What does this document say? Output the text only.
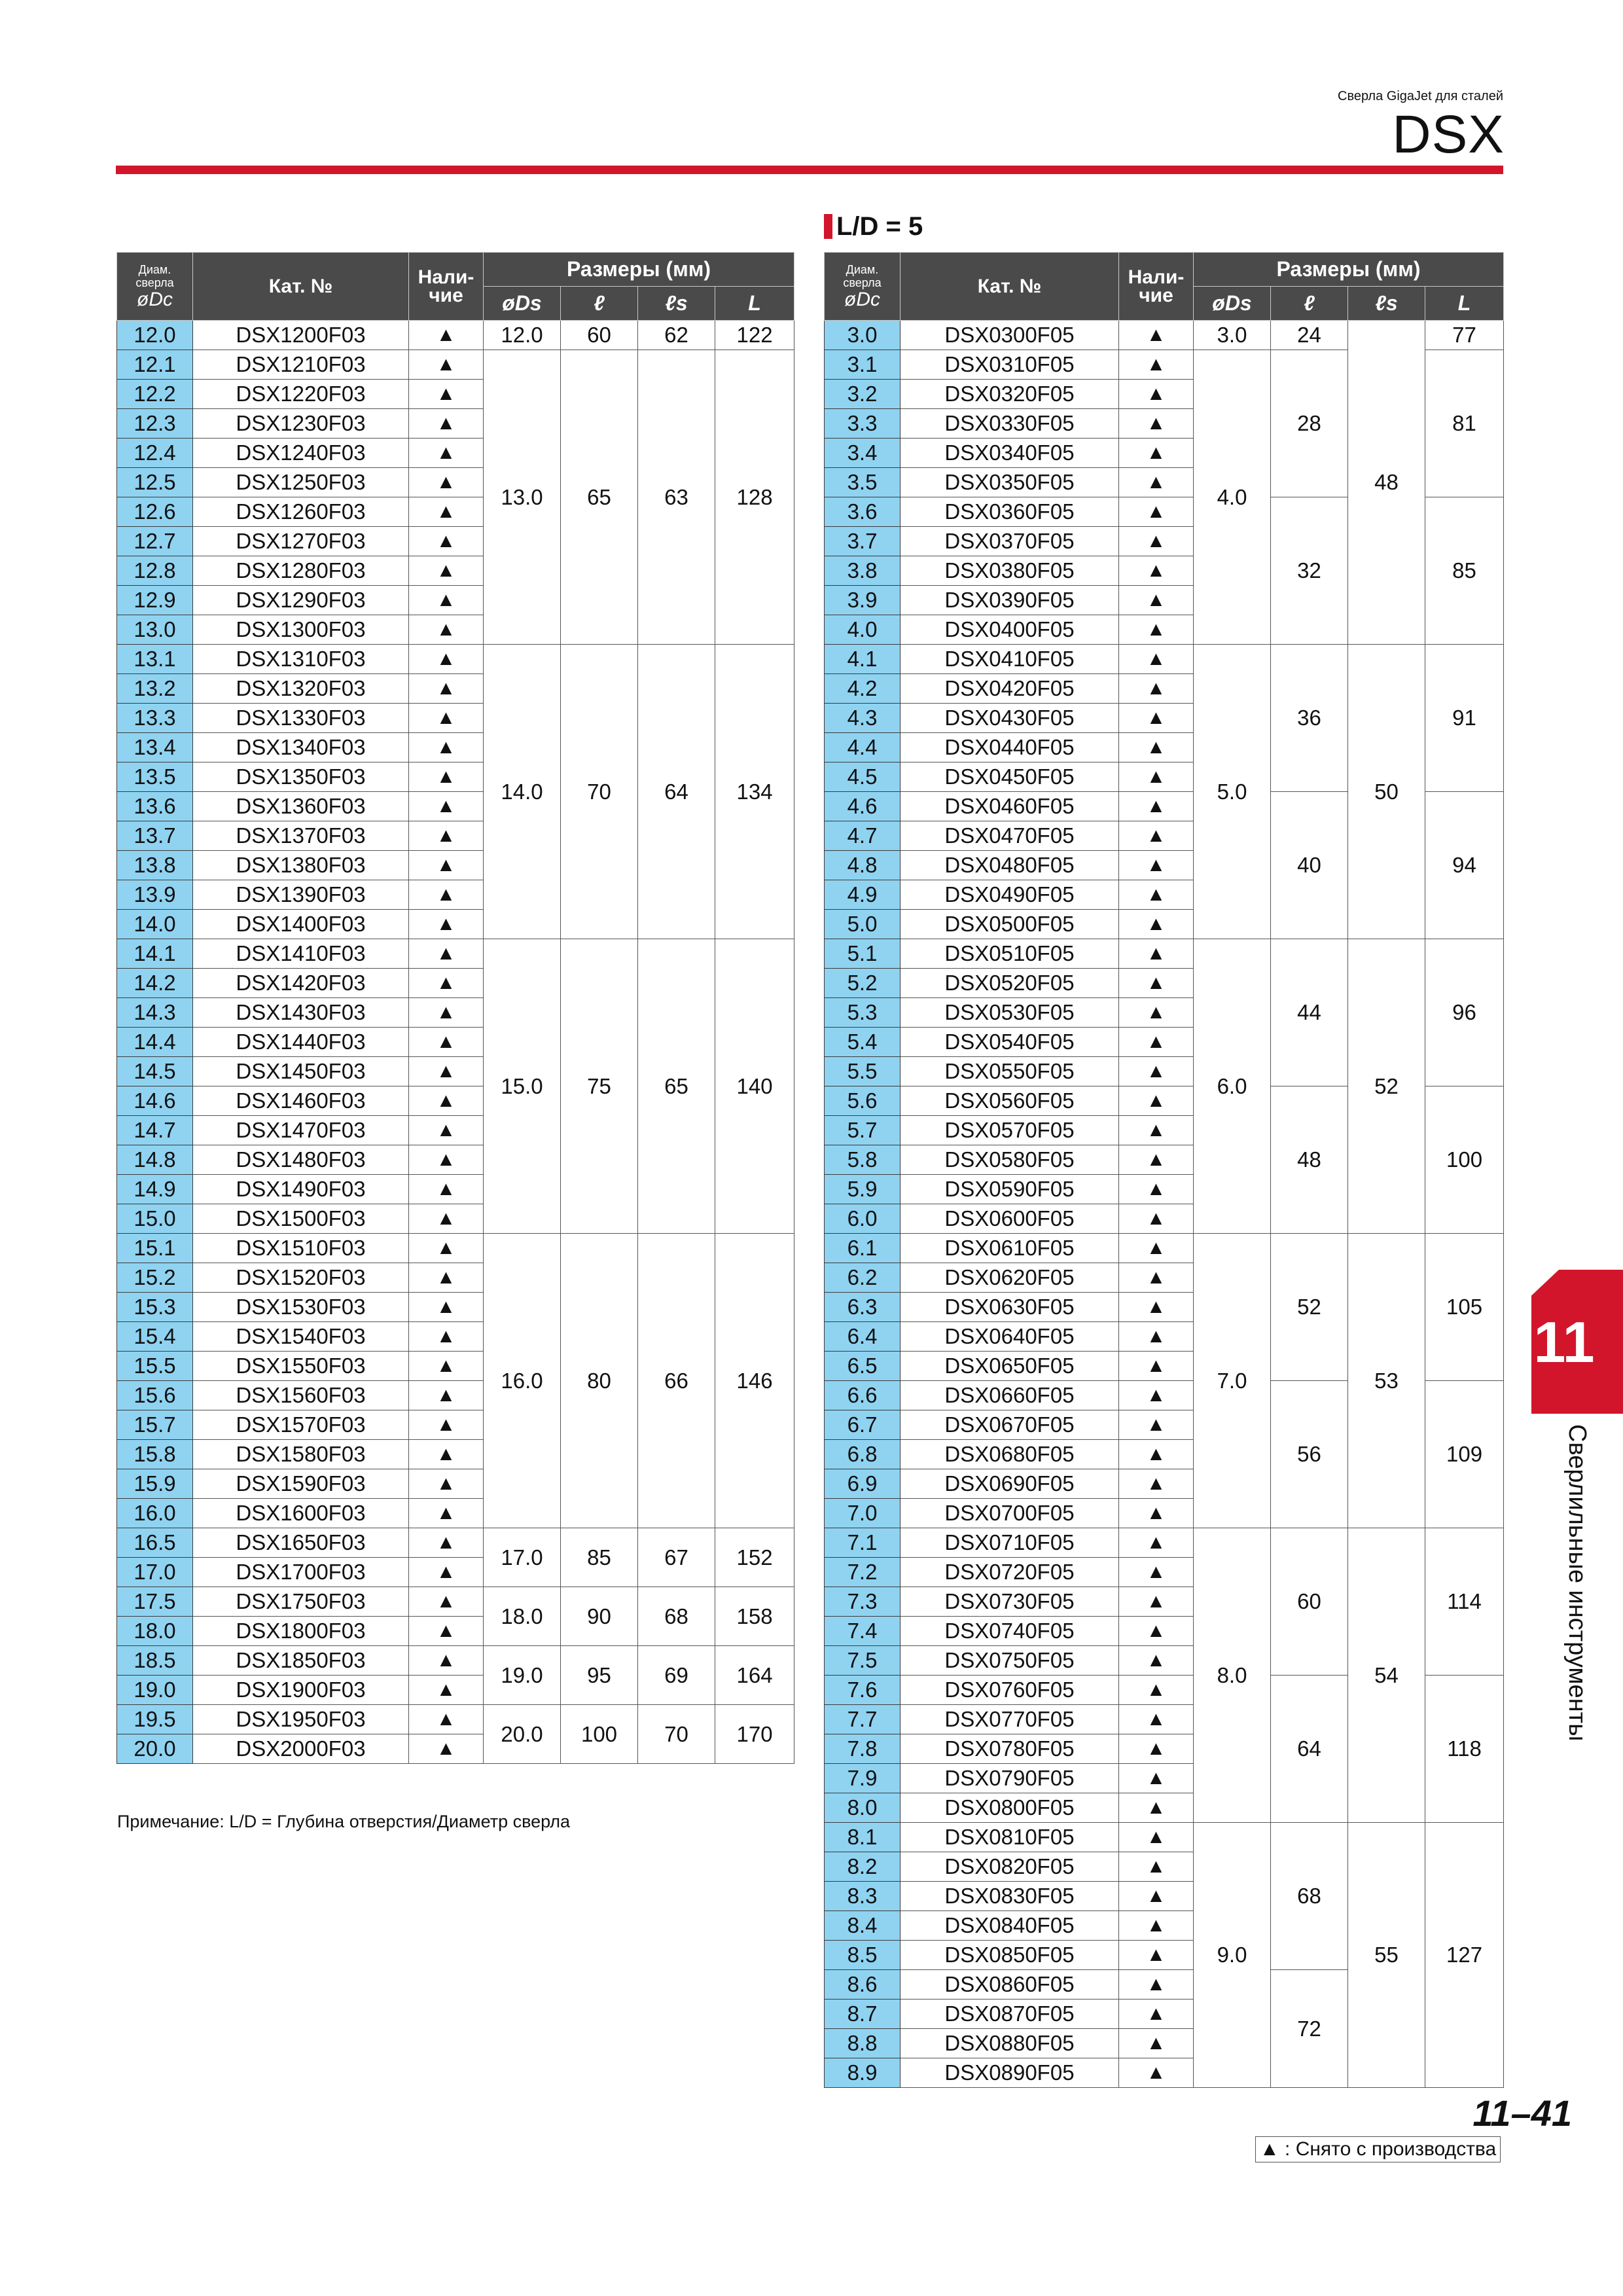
Сверла GigaJet для сталей
DSX
L/D = 5
Диам.
сверла
øDc	Кат. №	Нали-
чие	Размеры (мм)			
			øDs	ℓ	ℓs	L
12.0	DSX1200F03	▲	12.0	60	62	122
12.1	DSX1210F03	▲	13.0	65	63	128
12.2	DSX1220F03	▲				
12.3	DSX1230F03	▲				
12.4	DSX1240F03	▲				
12.5	DSX1250F03	▲				
12.6	DSX1260F03	▲				
12.7	DSX1270F03	▲				
12.8	DSX1280F03	▲				
12.9	DSX1290F03	▲				
13.0	DSX1300F03	▲				
13.1	DSX1310F03	▲	14.0	70	64	134
13.2	DSX1320F03	▲				
13.3	DSX1330F03	▲				
13.4	DSX1340F03	▲				
13.5	DSX1350F03	▲				
13.6	DSX1360F03	▲				
13.7	DSX1370F03	▲				
13.8	DSX1380F03	▲				
13.9	DSX1390F03	▲				
14.0	DSX1400F03	▲				
14.1	DSX1410F03	▲	15.0	75	65	140
14.2	DSX1420F03	▲				
14.3	DSX1430F03	▲				
14.4	DSX1440F03	▲				
14.5	DSX1450F03	▲				
14.6	DSX1460F03	▲				
14.7	DSX1470F03	▲				
14.8	DSX1480F03	▲				
14.9	DSX1490F03	▲				
15.0	DSX1500F03	▲				
15.1	DSX1510F03	▲	16.0	80	66	146
15.2	DSX1520F03	▲				
15.3	DSX1530F03	▲				
15.4	DSX1540F03	▲				
15.5	DSX1550F03	▲				
15.6	DSX1560F03	▲				
15.7	DSX1570F03	▲				
15.8	DSX1580F03	▲				
15.9	DSX1590F03	▲				
16.0	DSX1600F03	▲				
16.5	DSX1650F03	▲	17.0	85	67	152
17.0	DSX1700F03	▲				
17.5	DSX1750F03	▲	18.0	90	68	158
18.0	DSX1800F03	▲				
18.5	DSX1850F03	▲	19.0	95	69	164
19.0	DSX1900F03	▲				
19.5	DSX1950F03	▲	20.0	100	70	170
20.0	DSX2000F03	▲				
Примечание: L/D = Глубина отверстия/Диаметр сверла
Диам.
сверла
øDc	Кат. №	Нали-
чие	Размеры (мм)			
			øDs	ℓ	ℓs	L
3.0	DSX0300F05	▲	3.0	24	48	77
3.1	DSX0310F05	▲	4.0	28		81
3.2	DSX0320F05	▲				
3.3	DSX0330F05	▲				
3.4	DSX0340F05	▲				
3.5	DSX0350F05	▲				
3.6	DSX0360F05	▲		32		85
3.7	DSX0370F05	▲				
3.8	DSX0380F05	▲				
3.9	DSX0390F05	▲				
4.0	DSX0400F05	▲				
4.1	DSX0410F05	▲	5.0	36	50	91
4.2	DSX0420F05	▲				
4.3	DSX0430F05	▲				
4.4	DSX0440F05	▲				
4.5	DSX0450F05	▲				
4.6	DSX0460F05	▲		40		94
4.7	DSX0470F05	▲				
4.8	DSX0480F05	▲				
4.9	DSX0490F05	▲				
5.0	DSX0500F05	▲				
5.1	DSX0510F05	▲	6.0	44	52	96
5.2	DSX0520F05	▲				
5.3	DSX0530F05	▲				
5.4	DSX0540F05	▲				
5.5	DSX0550F05	▲				
5.6	DSX0560F05	▲		48		100
5.7	DSX0570F05	▲				
5.8	DSX0580F05	▲				
5.9	DSX0590F05	▲				
6.0	DSX0600F05	▲				
6.1	DSX0610F05	▲	7.0	52	53	105
6.2	DSX0620F05	▲				
6.3	DSX0630F05	▲				
6.4	DSX0640F05	▲				
6.5	DSX0650F05	▲				
6.6	DSX0660F05	▲		56		109
6.7	DSX0670F05	▲				
6.8	DSX0680F05	▲				
6.9	DSX0690F05	▲				
7.0	DSX0700F05	▲				
7.1	DSX0710F05	▲	8.0	60	54	114
7.2	DSX0720F05	▲				
7.3	DSX0730F05	▲				
7.4	DSX0740F05	▲				
7.5	DSX0750F05	▲				
7.6	DSX0760F05	▲		64		118
7.7	DSX0770F05	▲				
7.8	DSX0780F05	▲				
7.9	DSX0790F05	▲				
8.0	DSX0800F05	▲				
8.1	DSX0810F05	▲	9.0	68	55	127
8.2	DSX0820F05	▲				
8.3	DSX0830F05	▲				
8.4	DSX0840F05	▲				
8.5	DSX0850F05	▲				
8.6	DSX0860F05	▲		72		
8.7	DSX0870F05	▲				
8.8	DSX0880F05	▲				
8.9	DSX0890F05	▲				
▲ : Снято с производства
11
Сверлильные инструменты
11–41
